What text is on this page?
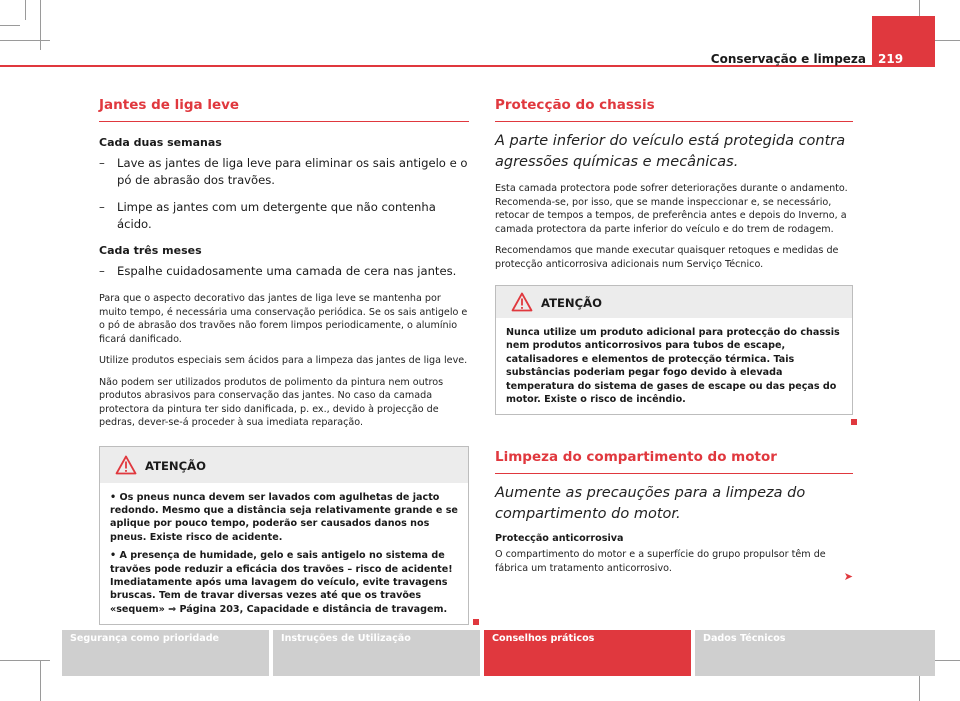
Conservação e limpeza 219
Jantes de liga leve
Cada duas semanas
– Lave as jantes de liga leve para eliminar os sais antigelo e o pó de abrasão dos travões.
– Limpe as jantes com um detergente que não contenha ácido.
Cada três meses
– Espalhe cuidadosamente uma camada de cera nas jantes.
Para que o aspecto decorativo das jantes de liga leve se mantenha por muito tempo, é necessária uma conservação periódica. Se os sais antigelo e o pó de abrasão dos travões não forem limpos periodicamente, o alumínio ficará danificado.
Utilize produtos especiais sem ácidos para a limpeza das jantes de liga leve.
Não podem ser utilizados produtos de polimento da pintura nem outros produtos abrasivos para conservação das jantes. No caso da camada protectora da pintura ter sido danificada, p. ex., devido à projecção de pedras, dever-se-á proceder à sua imediata reparação.
ATENÇÃO
• Os pneus nunca devem ser lavados com agulhetas de jacto redondo. Mesmo que a distância seja relativamente grande e se aplique por pouco tempo, poderão ser causados danos nos pneus. Existe risco de acidente.
• A presença de humidade, gelo e sais antigelo no sistema de travões pode reduzir a eficácia dos travões – risco de acidente! Imediatamente após uma lavagem do veículo, evite travagens bruscas. Tem de travar diversas vezes até que os travões «sequem» ⇒ Página 203, Capacidade e distância de travagem.
Protecção do chassis
A parte inferior do veículo está protegida contra agressões químicas e mecânicas.
Esta camada protectora pode sofrer deteriorações durante o andamento. Recomenda-se, por isso, que se mande inspeccionar e, se necessário, retocar de tempos a tempos, de preferência antes e depois do Inverno, a camada protectora da parte inferior do veículo e do trem de rodagem.
Recomendamos que mande executar quaisquer retoques e medidas de protecção anticorrosiva adicionais num Serviço Técnico.
ATENÇÃO
Nunca utilize um produto adicional para protecção do chassis nem produtos anticorrosivos para tubos de escape, catalisadores e elementos de protecção térmica. Tais substâncias poderiam pegar fogo devido à elevada temperatura do sistema de gases de escape ou das peças do motor. Existe o risco de incêndio.
Limpeza do compartimento do motor
Aumente as precauções para a limpeza do compartimento do motor.
Protecção anticorrosiva
O compartimento do motor e a superfície do grupo propulsor têm de fábrica um tratamento anticorrosivo.
➤
Segurança como prioridade	Instruções de Utilização	Conselhos práticos	Dados Técnicos
